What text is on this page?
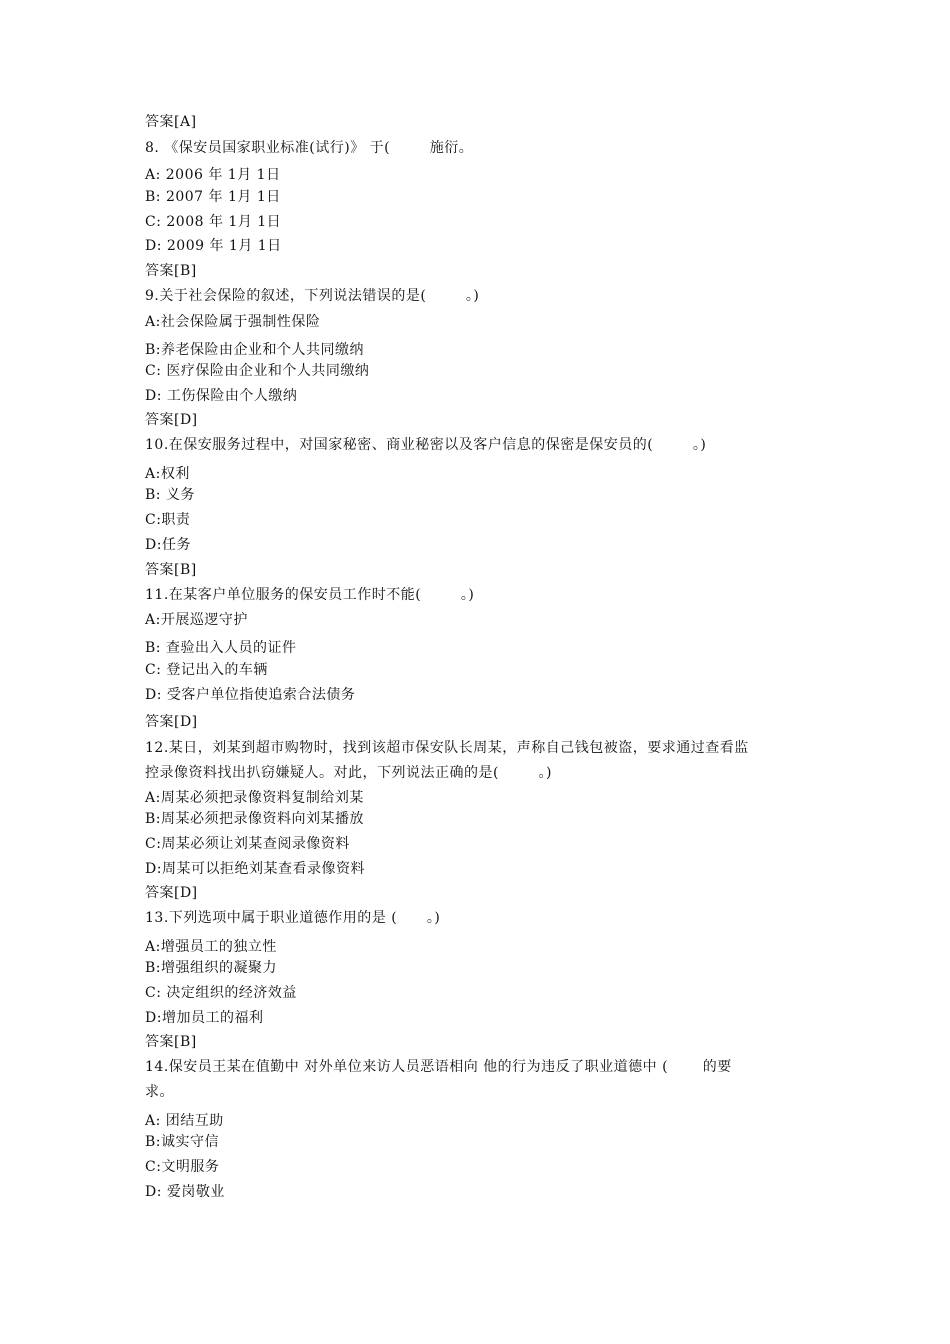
答案[A]
8. 《保安员国家职业标准(试行)》 于(        施衍。
A: 2006 年 1月 1日
B: 2007 年 1月 1日
C: 2008 年 1月 1日
D: 2009 年 1月 1日
答案[B]
9.关于社会保险的叙述，下列说法错误的是(        。)
A:社会保险属于强制性保险
B:养老保险由企业和个人共同缴纳
C: 医疗保险由企业和个人共同缴纳
D: 工伤保险由个人缴纳
答案[D]
10.在保安服务过程中，对国家秘密、商业秘密以及客户信息的保密是保安员的(        。)
A:权利
B: 义务
C:职责
D:任务
答案[B]
11.在某客户单位服务的保安员工作时不能(        。)
A:开展巡逻守护
B: 查验出入人员的证件
C: 登记出入的车辆
D: 受客户单位指使追索合法债务
答案[D]
12.某日，刘某到超市购物时，找到该超市保安队长周某，声称自己钱包被盗，要求通过查看监
控录像资料找出扒窃嫌疑人。对此，下列说法正确的是(        。)
A:周某必须把录像资料复制给刘某
B:周某必须把录像资料向刘某播放
C:周某必须让刘某查阅录像资料
D:周某可以拒绝刘某查看录像资料
答案[D]
13.下列选项中属于职业道德作用的是 (      。)
A:增强员工的独立性
B:增强组织的凝聚力
C: 决定组织的经济效益
D:增加员工的福利
答案[B]
14.保安员王某在值勤中 对外单位来访人员恶语相向 他的行为违反了职业道德中 (       的要
求。
A: 团结互助
B:诚实守信
C:文明服务
D: 爱岗敬业
